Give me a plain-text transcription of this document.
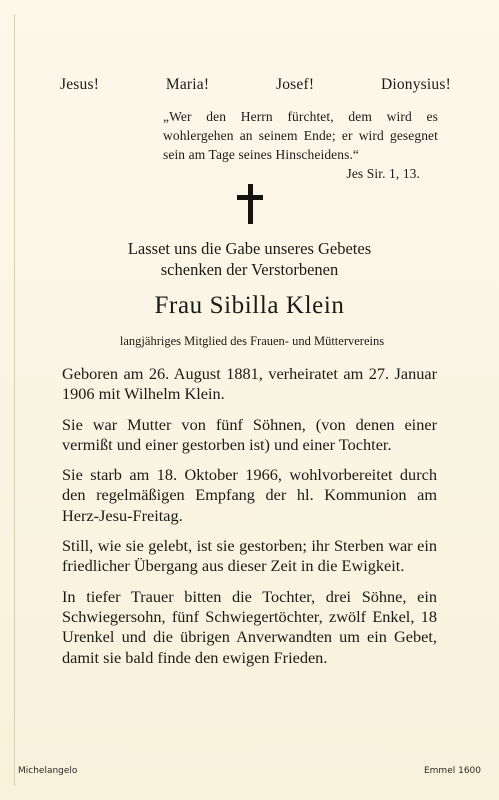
Jesus!	Maria!	Josef!	Dionysius!
„Wer den Herrn fürchtet, dem wird es wohlergehen an seinem Ende; er wird gesegnet sein am Tage seines Hinscheidens.“
Jes Sir. 1, 13.
Lasset uns die Gabe unseres Gebetes
schenken der Verstorbenen
Frau Sibilla Klein
langjähriges Mitglied des Frauen- und Müttervereins

Geboren am 26. August 1881, verheiratet am 27. Januar 1906 mit Wilhelm Klein.

Sie war Mutter von fünf Söhnen, (von denen einer vermißt und einer gestorben ist) und einer Tochter.

Sie starb am 18. Oktober 1966, wohlvorbereitet durch den regelmäßigen Empfang der hl. Kommunion am Herz-Jesu-Freitag.

Still, wie sie gelebt, ist sie gestorben; ihr Sterben war ein friedlicher Übergang aus dieser Zeit in die Ewigkeit.

In tiefer Trauer bitten die Tochter, drei Söhne, ein Schwiegersohn, fünf Schwiegertöchter, zwölf Enkel, 18 Urenkel und die übrigen Anverwandten um ein Gebet, damit sie bald finde den ewigen Frieden.

Michelangelo	Emmel 1600
